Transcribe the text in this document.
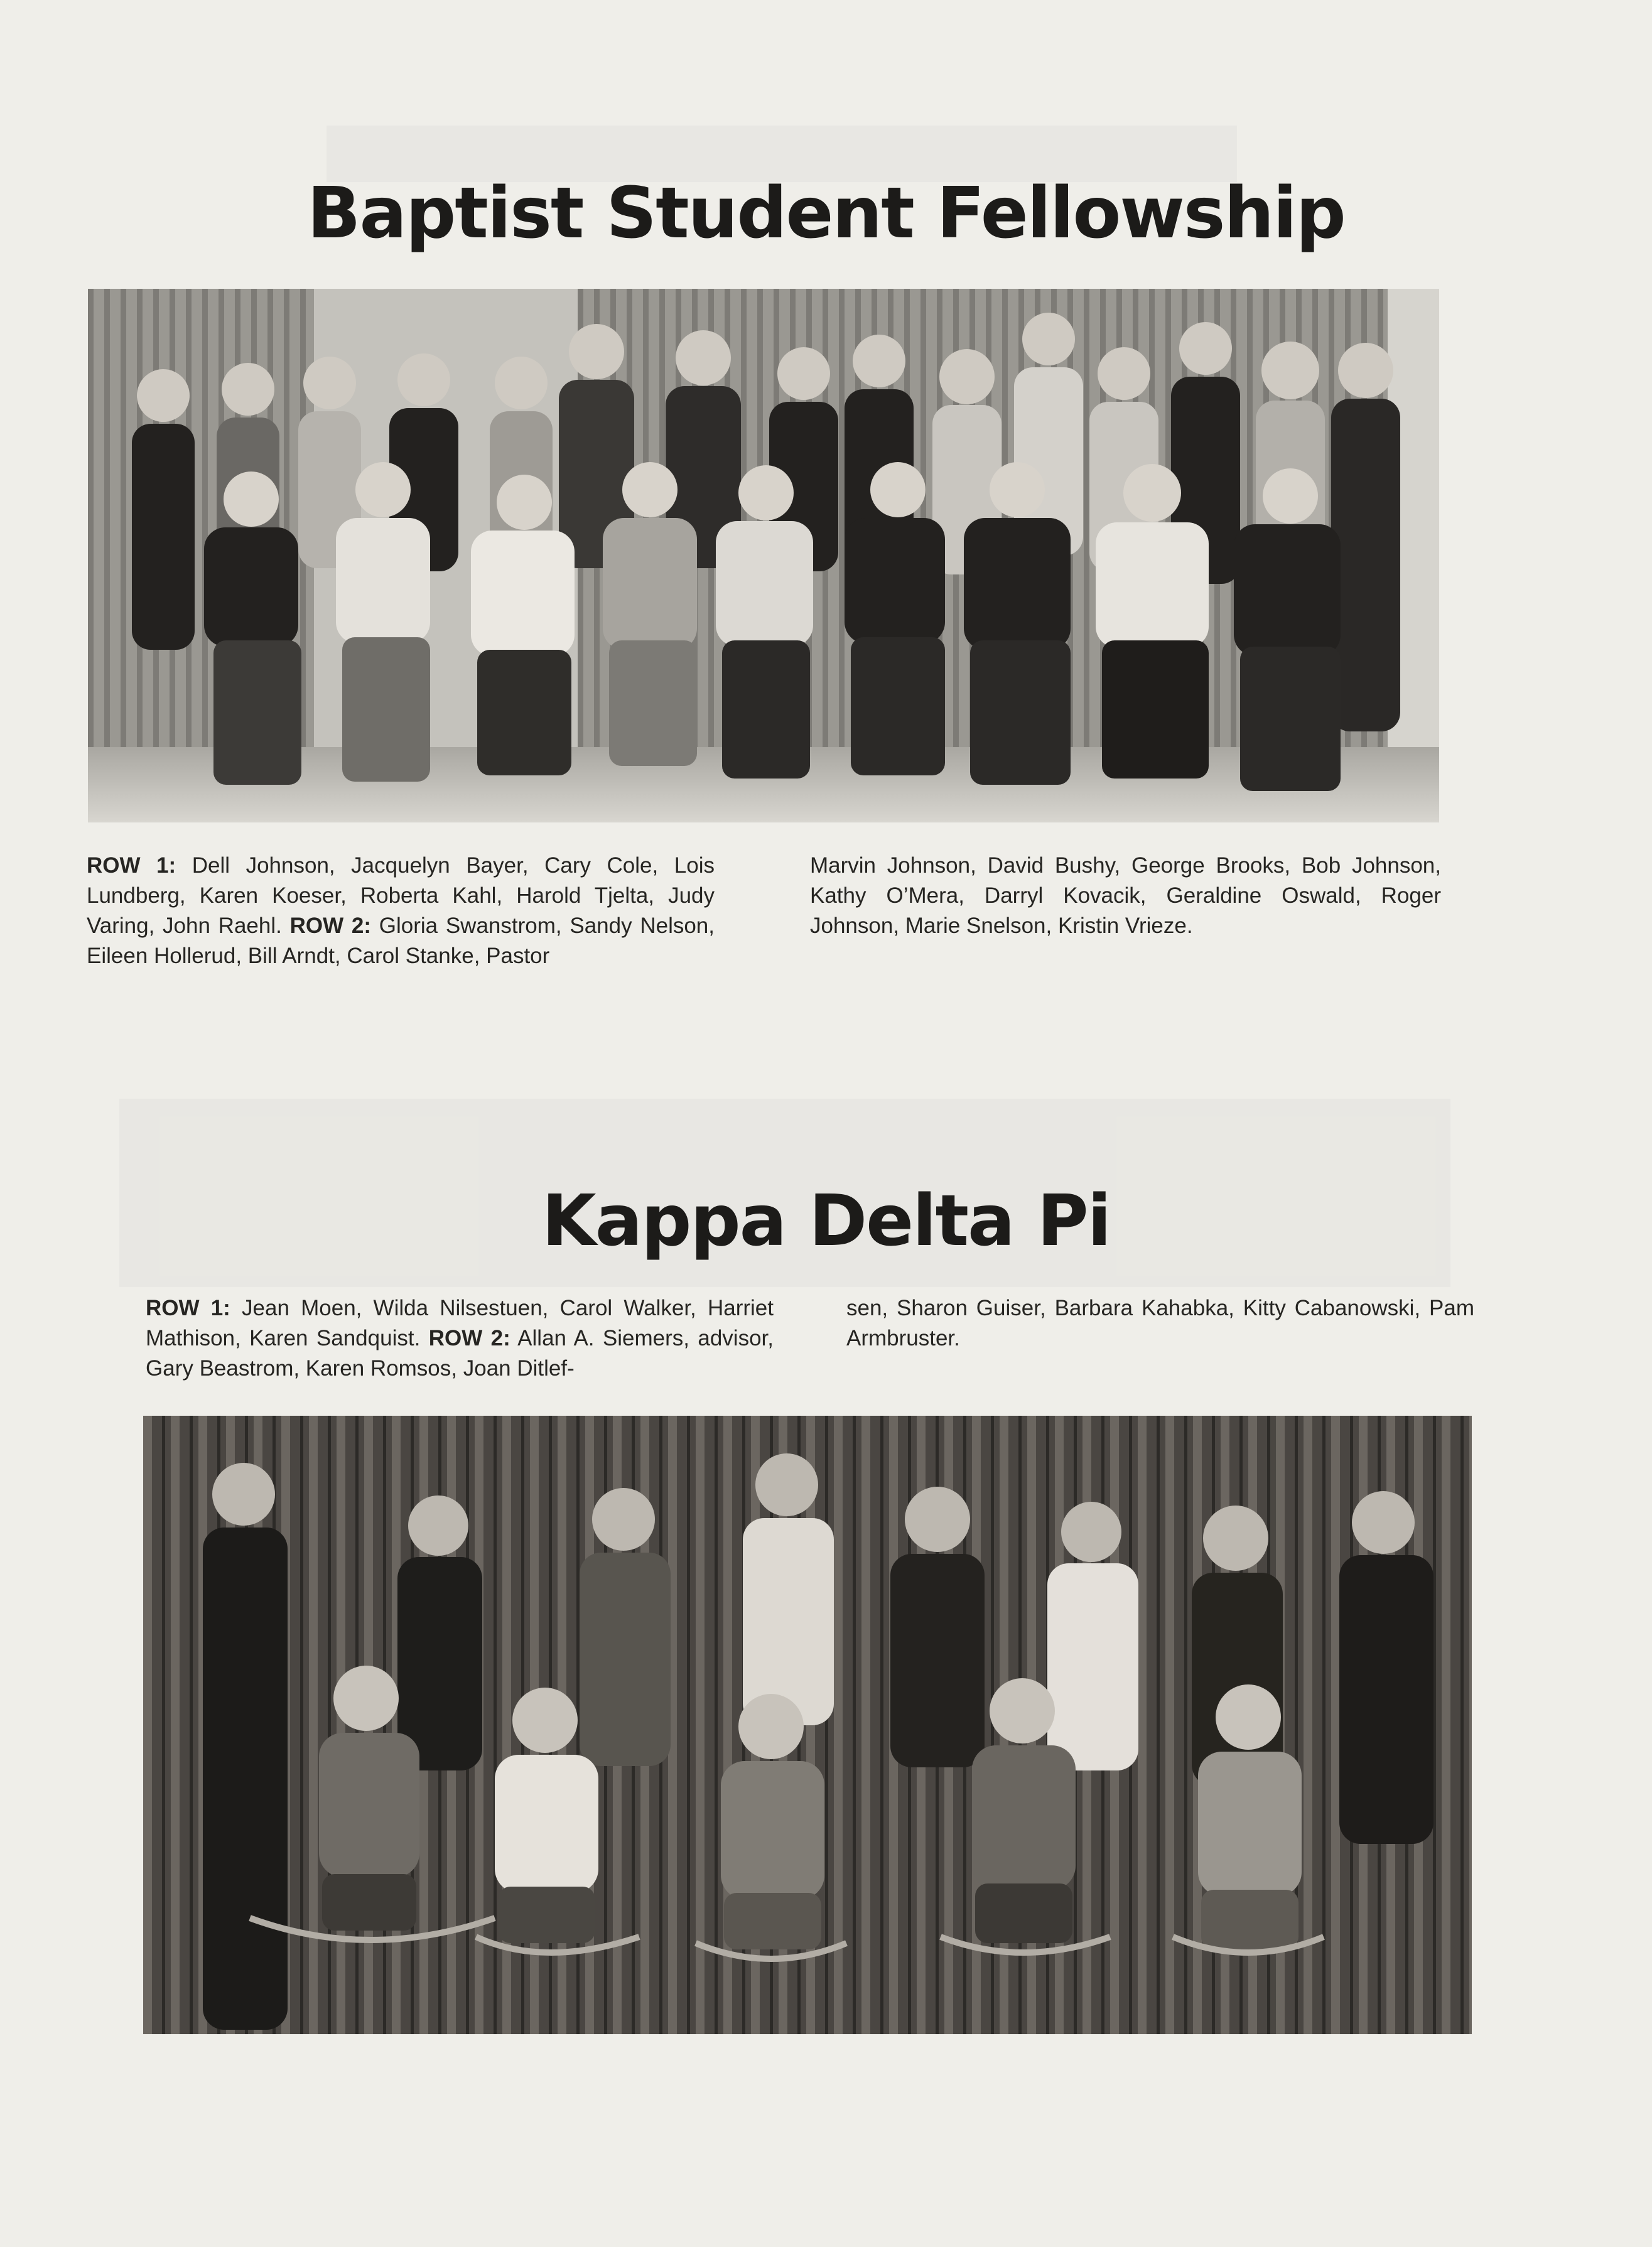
Baptist Student Fellowship

ROW 1: Dell Johnson, Jacquelyn Bayer, Cary Cole, Lois Lundberg, Karen Koeser, Roberta Kahl, Harold Tjelta, Judy Varing, John Raehl. ROW 2: Gloria Swanstrom, Sandy Nelson, Eileen Hollerud, Bill Arndt, Carol Stanke, Pastor

Marvin Johnson, David Bushy, George Brooks, Bob Johnson, Kathy O’Mera, Darryl Kovacik, Geraldine Oswald, Roger Johnson, Marie Snelson, Kristin Vrieze.

Kappa Delta Pi

ROW 1: Jean Moen, Wilda Nilsestuen, Carol Walker, Harriet Mathison, Karen Sandquist. ROW 2: Allan A. Siemers, advisor, Gary Beastrom, Karen Romsos, Joan Ditlef-

sen, Sharon Guiser, Barbara Kahabka, Kitty Cabanowski, Pam Armbruster.
